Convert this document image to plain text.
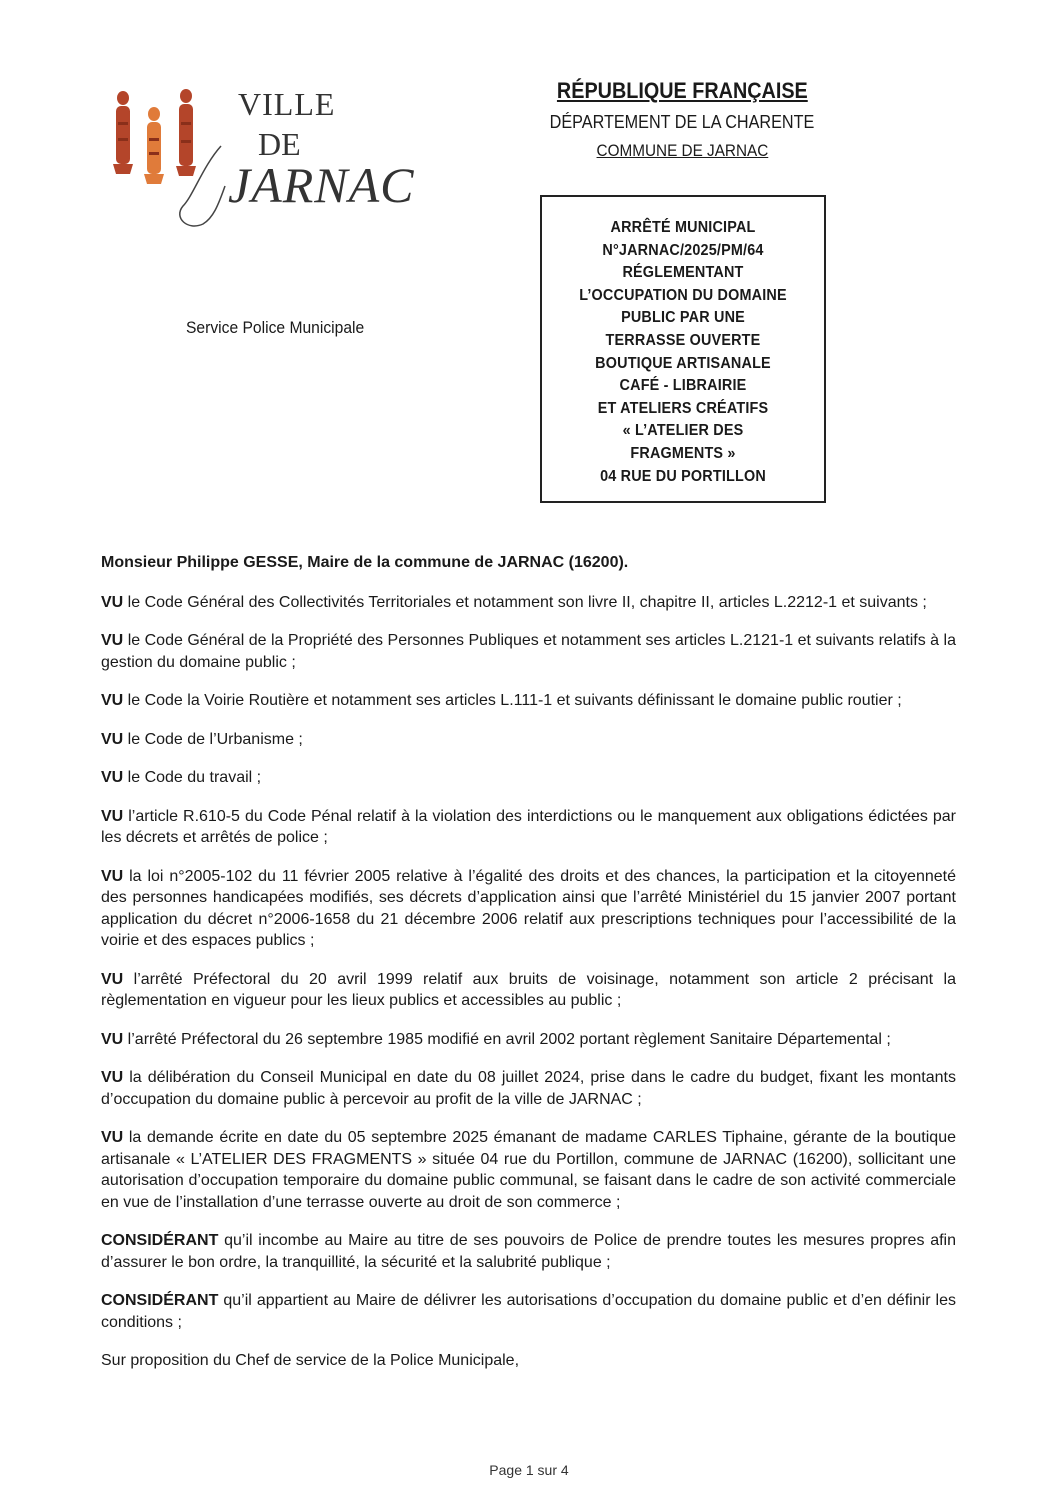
VILLE
DE
JARNAC
Service Police Municipale
RÉPUBLIQUE FRANÇAISE
DÉPARTEMENT DE LA CHARENTE
COMMUNE DE JARNAC
ARRÊTÉ MUNICIPAL
N°JARNAC/2025/PM/64
RÉGLEMENTANT
L’OCCUPATION DU DOMAINE
PUBLIC PAR UNE
TERRASSE OUVERTE
BOUTIQUE ARTISANALE
CAFÉ - LIBRAIRIE
ET ATELIERS CRÉATIFS
« L’ATELIER DES
FRAGMENTS »
04 RUE DU PORTILLON

Monsieur Philippe GESSE, Maire de la commune de JARNAC (16200).

VU le Code Général des Collectivités Territoriales et notamment son livre II, chapitre II, articles L.2212-1 et suivants ;

VU le Code Général de la Propriété des Personnes Publiques et notamment ses articles L.2121-1 et suivants relatifs à la gestion du domaine public ;

VU le Code la Voirie Routière et notamment ses articles L.111-1 et suivants définissant le domaine public routier ;

VU le Code de l’Urbanisme ;

VU le Code du travail ;

VU l’article R.610-5 du Code Pénal relatif à la violation des interdictions ou le manquement aux obligations édictées par les décrets et arrêtés de police ;

VU la loi n°2005-102 du 11 février 2005 relative à l’égalité des droits et des chances, la participation et la citoyenneté des personnes handicapées modifiés, ses décrets d’application ainsi que l’arrêté Ministériel du 15 janvier 2007 portant application du décret n°2006-1658 du 21 décembre 2006 relatif aux prescriptions techniques pour l’accessibilité de la voirie et des espaces publics ;

VU l’arrêté Préfectoral du 20 avril 1999 relatif aux bruits de voisinage, notamment son article 2 précisant la règlementation en vigueur pour les lieux publics et accessibles au public ;

VU l’arrêté Préfectoral du 26 septembre 1985 modifié en avril 2002 portant règlement Sanitaire Départemental ;

VU la délibération du Conseil Municipal en date du 08 juillet 2024, prise dans le cadre du budget, fixant les montants d’occupation du domaine public à percevoir au profit de la ville de JARNAC ;

VU la demande écrite en date du 05 septembre 2025 émanant de madame CARLES Tiphaine, gérante de la boutique artisanale « L’ATELIER DES FRAGMENTS » située 04 rue du Portillon, commune de JARNAC (16200), sollicitant une autorisation d’occupation temporaire du domaine public communal, se faisant dans le cadre de son activité commerciale en vue de l’installation d’une terrasse ouverte au droit de son commerce ;

CONSIDÉRANT qu’il incombe au Maire au titre de ses pouvoirs de Police de prendre toutes les mesures propres afin d’assurer le bon ordre, la tranquillité, la sécurité et la salubrité publique ;

CONSIDÉRANT qu’il appartient au Maire de délivrer les autorisations d’occupation du domaine public et d’en définir les conditions ;

Sur proposition du Chef de service de la Police Municipale,

Page 1 sur 4
